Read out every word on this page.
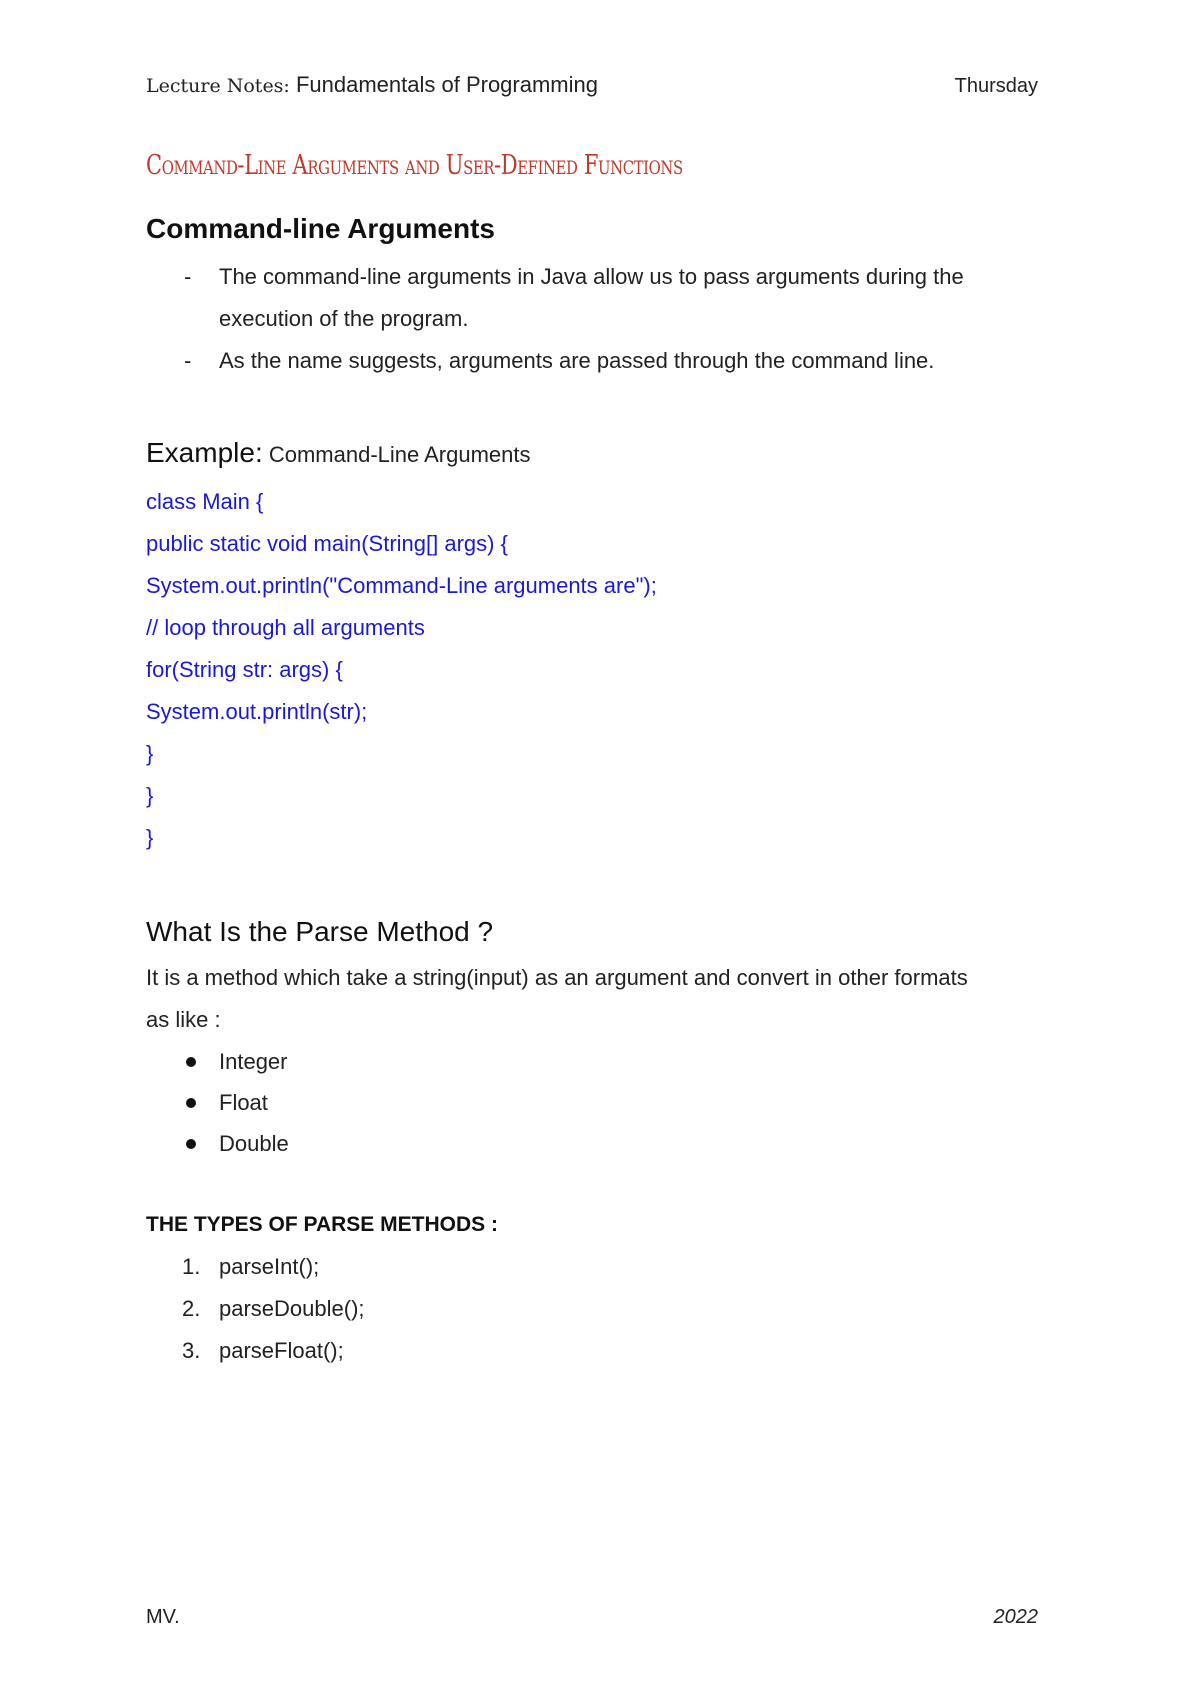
Lecture Notes: Fundamentals of Programming	Thursday
Command-Line Arguments and User-Defined Functions
Command-line Arguments
- The command-line arguments in Java allow us to pass arguments during the
execution of the program.
- As the name suggests, arguments are passed through the command line.
Example: Command-Line Arguments
class Main {
public static void main(String[] args) {
System.out.println("Command-Line arguments are");
// loop through all arguments
for(String str: args) {
System.out.println(str);
}
}
}
What Is the Parse Method ?

It is a method which take a string(input) as an argument and convert in other formats
as like :

Integer
Float
Double
THE TYPES OF PARSE METHODS :
1. parseInt();
2. parseDouble();
3. parseFloat();
MV.	2022
